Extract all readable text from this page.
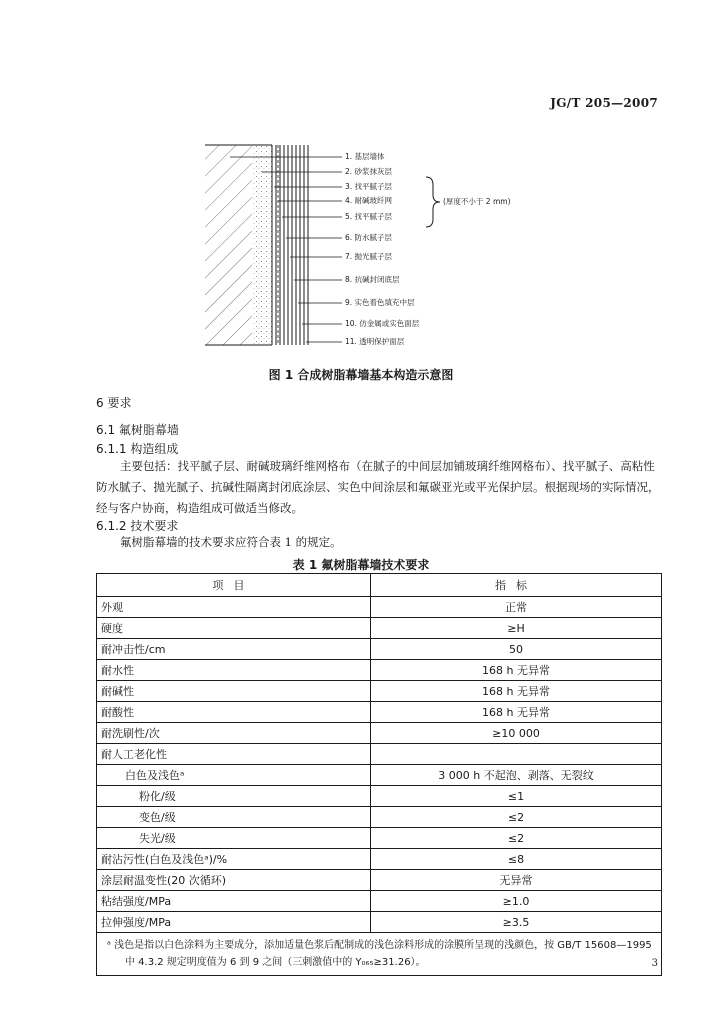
JG/T 205—2007
1. 基层墙体
2. 砂浆抹灰层
3. 找平腻子层
4. 耐碱玻纤网
5. 找平腻子层
6. 防水腻子层
7. 抛光腻子层
8. 抗碱封闭底层
9. 实色着色填充中层
10. 仿金属或实色面层
11. 透明保护面层
(厚度不小于 2 mm)
图 1 合成树脂幕墙基本构造示意图
6 要求
6.1 氟树脂幕墙
6.1.1 构造组成
主要包括：找平腻子层、耐碱玻璃纤维网格布（在腻子的中间层加铺玻璃纤维网格布）、找平腻子、高粘性防水腻子、抛光腻子、抗碱性隔离封闭底涂层、实色中间涂层和氟碳亚光或平光保护层。根据现场的实际情况，经与客户协商，构造组成可做适当修改。
6.1.2 技术要求
氟树脂幕墙的技术要求应符合表 1 的规定。
表 1 氟树脂幕墙技术要求
项目	指标
外观	正常
硬度	≥H
耐冲击性/cm	50
耐水性	168 h 无异常
耐碱性	168 h 无异常
耐酸性	168 h 无异常
耐洗刷性/次	≥10 000
耐人工老化性	
白色及浅色ᵃ	3 000 h 不起泡、剥落、无裂纹
粉化/级	≤1
变色/级	≤2
失光/级	≤2
耐沾污性(白色及浅色ᵃ)/%	≤8
涂层耐温变性(20 次循环)	无异常
粘结强度/MPa	≥1.0
拉伸强度/MPa	≥3.5
ᵃ 浅色是指以白色涂料为主要成分，添加适量色浆后配制成的浅色涂料形成的涂膜所呈现的浅颜色，按 GB/T 15608—1995 中 4.3.2 规定明度值为 6 到 9 之间（三刺激值中的 Y₀₆₅≥31.26）。		3
